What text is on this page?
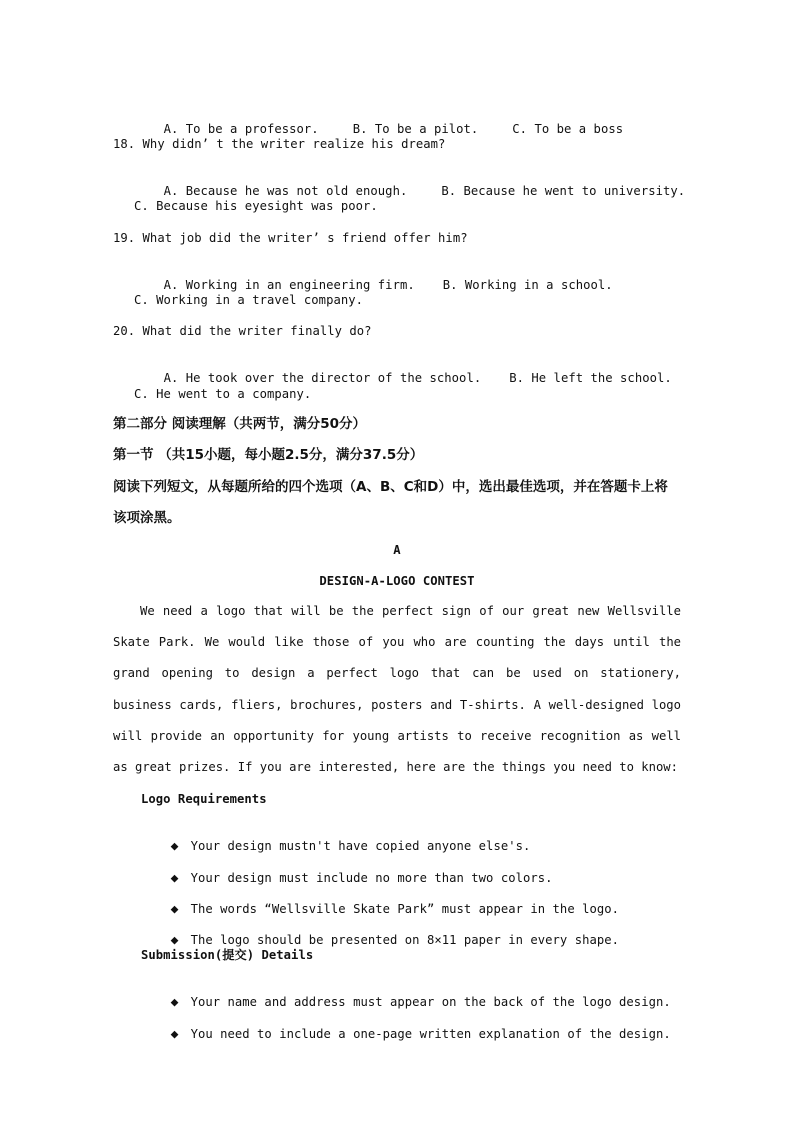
A. To be a professor.	B. To be a pilot.	C. To be a boss

18. Why didn’ t the writer realize his dream?

A. Because he was not old enough.	B. Because he went to university.

C. Because his eyesight was poor.
19. What job did the writer’ s friend offer him?

A. Working in an engineering firm. B. Working in a school.

C. Working in a travel company.
20. What did the writer finally do?

A. He took over the director of the school. B. He left the school.

C. He went to a company.
第二部分 阅读理解（共两节，满分50分）
第一节 （共15小题，每小题2.5分，满分37.5分）
阅读下列短文，从每题所给的四个选项（A、B、C和D）中，选出最佳选项，并在答题卡上将
该项涂黑。
A
DESIGN-A-LOGO CONTEST

We need a logo that will be the perfect sign of our great new Wellsville Skate Park. We would like those of you who are counting the days until the grand opening to design a perfect logo that can be used on stationery, business cards, fliers, brochures, posters and T-shirts. A well-designed logo will provide an opportunity for young artists to receive recognition as well as great prizes. If you are interested, here are the things you need to know:

Logo Requirements

◆ Your design mustn't have copied anyone else's.

◆ Your design must include no more than two colors.

◆ The words “Wellsville Skate Park” must appear in the logo.

◆ The logo should be presented on 8×11 paper in every shape.

Submission(提交) Details

◆ Your name and address must appear on the back of the logo design.

◆ You need to include a one-page written explanation of the design.
